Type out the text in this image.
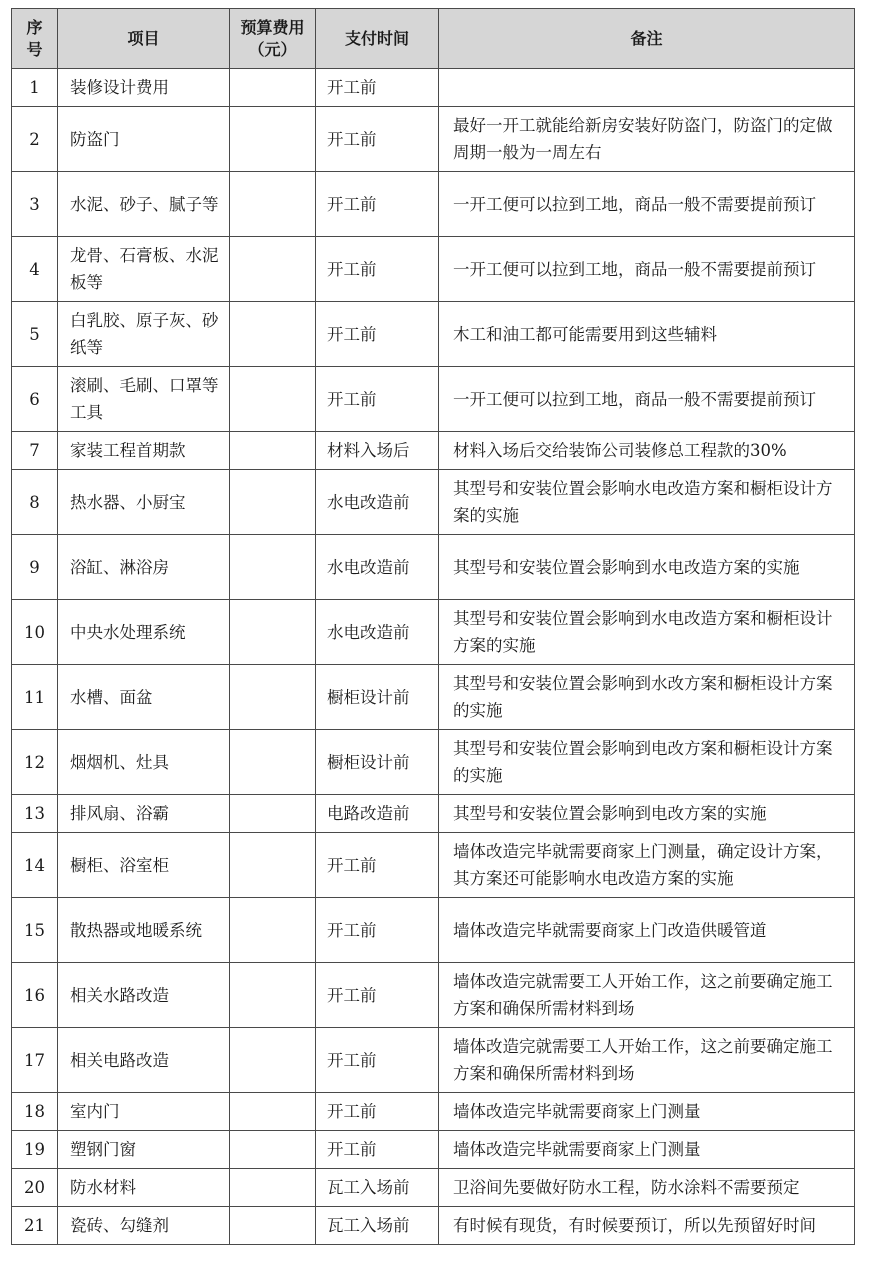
序号	项目	预算费用（元）	支付时间	备注
1	装修设计费用		开工前	
2	防盗门		开工前	最好一开工就能给新房安装好防盗门，防盗门的定做周期一般为一周左右
3	水泥、砂子、腻子等		开工前	一开工便可以拉到工地，商品一般不需要提前预订
4	龙骨、石膏板、水泥板等		开工前	一开工便可以拉到工地，商品一般不需要提前预订
5	白乳胶、原子灰、砂纸等		开工前	木工和油工都可能需要用到这些辅料
6	滚刷、毛刷、口罩等工具		开工前	一开工便可以拉到工地，商品一般不需要提前预订
7	家装工程首期款		材料入场后	材料入场后交给装饰公司装修总工程款的30%
8	热水器、小厨宝		水电改造前	其型号和安装位置会影响水电改造方案和橱柜设计方案的实施
9	浴缸、淋浴房		水电改造前	其型号和安装位置会影响到水电改造方案的实施
10	中央水处理系统		水电改造前	其型号和安装位置会影响到水电改造方案和橱柜设计方案的实施
11	水槽、面盆		橱柜设计前	其型号和安装位置会影响到水改方案和橱柜设计方案的实施
12	烟烟机、灶具		橱柜设计前	其型号和安装位置会影响到电改方案和橱柜设计方案的实施
13	排风扇、浴霸		电路改造前	其型号和安装位置会影响到电改方案的实施
14	橱柜、浴室柜		开工前	墙体改造完毕就需要商家上门测量，确定设计方案，其方案还可能影响水电改造方案的实施
15	散热器或地暖系统		开工前	墙体改造完毕就需要商家上门改造供暖管道
16	相关水路改造		开工前	墙体改造完就需要工人开始工作，这之前要确定施工方案和确保所需材料到场
17	相关电路改造		开工前	墙体改造完就需要工人开始工作，这之前要确定施工方案和确保所需材料到场
18	室内门		开工前	墙体改造完毕就需要商家上门测量
19	塑钢门窗		开工前	墙体改造完毕就需要商家上门测量
20	防水材料		瓦工入场前	卫浴间先要做好防水工程，防水涂料不需要预定
21	瓷砖、勾缝剂		瓦工入场前	有时候有现货，有时候要预订，所以先预留好时间
